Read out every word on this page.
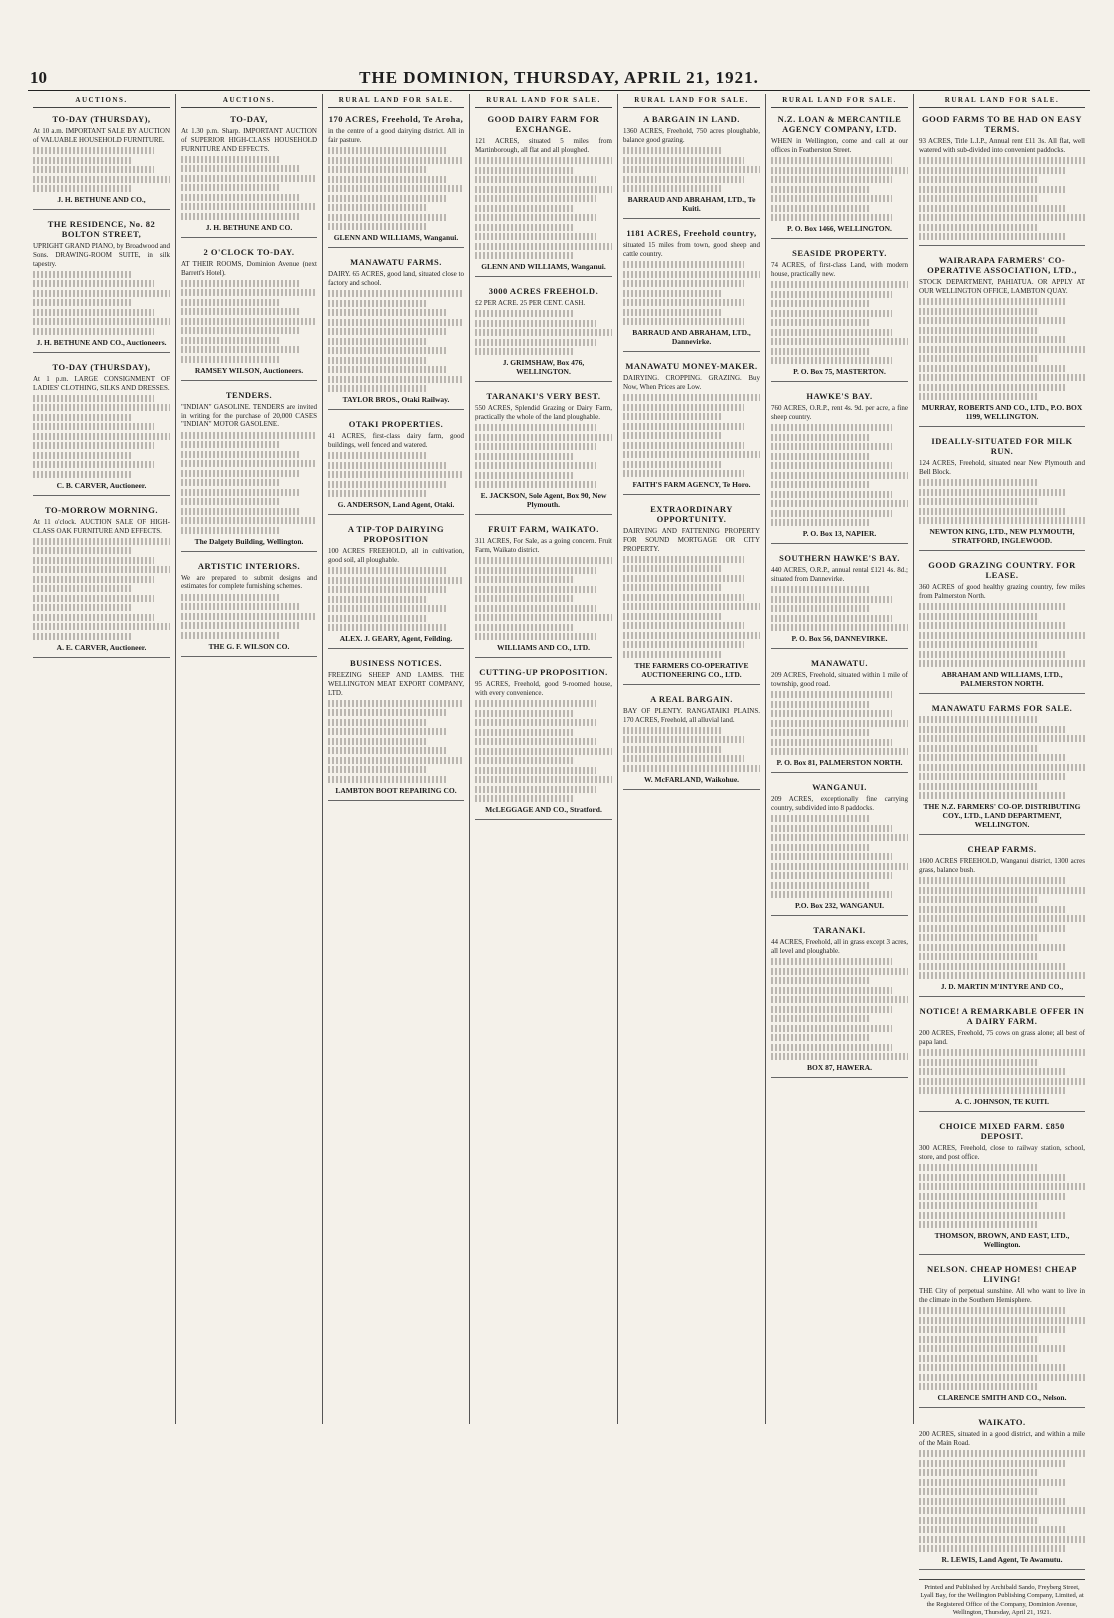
10	THE DOMINION, THURSDAY, APRIL 21, 1921.
AUCTIONS.
TO-DAY (THURSDAY),

At 10 a.m. IMPORTANT SALE BY AUCTION of VALUABLE HOUSEHOLD FURNITURE.

J. H. BETHUNE AND CO.,
THE RESIDENCE, No. 82 BOLTON STREET,

UPRIGHT GRAND PIANO, by Broadwood and Sons. DRAWING-ROOM SUITE, in silk tapestry.

J. H. BETHUNE AND CO., Auctioneers.
TO-DAY (THURSDAY),

At 1 p.m. LARGE CONSIGNMENT OF LADIES' CLOTHING, SILKS AND DRESSES.

C. B. CARVER, Auctioneer.
TO-MORROW MORNING.

At 11 o'clock. AUCTION SALE OF HIGH-CLASS OAK FURNITURE AND EFFECTS.

A. E. CARVER, Auctioneer.
AUCTIONS.
TO-DAY,

At 1.30 p.m. Sharp. IMPORTANT AUCTION of SUPERIOR HIGH-CLASS HOUSEHOLD FURNITURE AND EFFECTS.

J. H. BETHUNE AND CO.
2 O'CLOCK TO-DAY.

AT THEIR ROOMS, Dominion Avenue (next Barrett's Hotel).

RAMSEY WILSON, Auctioneers.
TENDERS.

"INDIAN" GASOLINE. TENDERS are invited in writing for the purchase of 20,000 CASES "INDIAN" MOTOR GASOLENE.

The Dalgety Building, Wellington.
ARTISTIC INTERIORS.

We are prepared to submit designs and estimates for complete furnishing schemes.

THE G. F. WILSON CO.
RURAL LAND FOR SALE.
170 ACRES, Freehold, Te Aroha,

in the centre of a good dairying district. All in fair pasture.

GLENN AND WILLIAMS, Wanganui.
MANAWATU FARMS.

DAIRY. 65 ACRES, good land, situated close to factory and school.

TAYLOR BROS., Otaki Railway.
OTAKI PROPERTIES.

41 ACRES, first-class dairy farm, good buildings, well fenced and watered.

G. ANDERSON, Land Agent, Otaki.
A TIP-TOP DAIRYING PROPOSITION

100 ACRES FREEHOLD, all in cultivation, good soil, all ploughable.

ALEX. J. GEARY, Agent, Feilding.
BUSINESS NOTICES.

FREEZING SHEEP AND LAMBS. THE WELLINGTON MEAT EXPORT COMPANY, LTD.

LAMBTON BOOT REPAIRING CO.
RURAL LAND FOR SALE.
GOOD DAIRY FARM FOR EXCHANGE.

121 ACRES, situated 5 miles from Martinborough, all flat and all ploughed.

GLENN AND WILLIAMS, Wanganui.
3000 ACRES FREEHOLD.

£2 PER ACRE. 25 PER CENT. CASH.

J. GRIMSHAW, Box 476, WELLINGTON.
TARANAKI'S VERY BEST.

550 ACRES, Splendid Grazing or Dairy Farm, practically the whole of the land ploughable.

E. JACKSON, Sole Agent, Box 90, New Plymouth.
FRUIT FARM, WAIKATO.

311 ACRES, For Sale, as a going concern. Fruit Farm, Waikato district.

WILLIAMS AND CO., LTD.
CUTTING-UP PROPOSITION.

95 ACRES, Freehold, good 9-roomed house, with every convenience.

McLEGGAGE AND CO., Stratford.
RURAL LAND FOR SALE.
A BARGAIN IN LAND.

1360 ACRES, Freehold, 750 acres ploughable, balance good grazing.

BARRAUD AND ABRAHAM, LTD., Te Kuiti.
1181 ACRES, Freehold country,

situated 15 miles from town, good sheep and cattle country.

BARRAUD AND ABRAHAM, LTD., Dannevirke.
MANAWATU MONEY-MAKER.

DAIRYING. CROPPING. GRAZING. Buy Now, When Prices are Low.

FAITH'S FARM AGENCY, Te Horo.
EXTRAORDINARY OPPORTUNITY.

DAIRYING AND FATTENING PROPERTY FOR SOUND MORTGAGE OR CITY PROPERTY.

THE FARMERS CO-OPERATIVE AUCTIONEERING CO., LTD.
A REAL BARGAIN.

BAY OF PLENTY. RANGATAIKI PLAINS. 170 ACRES, Freehold, all alluvial land.

W. McFARLAND, Waikohue.
RURAL LAND FOR SALE.
N.Z. LOAN & MERCANTILE AGENCY COMPANY, LTD.

WHEN in Wellington, come and call at our offices in Featherston Street.

P. O. Box 1466, WELLINGTON.
SEASIDE PROPERTY.

74 ACRES, of first-class Land, with modern house, practically new.

P. O. Box 75, MASTERTON.
HAWKE'S BAY.

760 ACRES, O.R.P., rent 4s. 9d. per acre, a fine sheep country.

P. O. Box 13, NAPIER.
SOUTHERN HAWKE'S BAY.

440 ACRES, O.R.P., annual rental £121 4s. 8d.; situated from Dannevirke.

P. O. Box 56, DANNEVIRKE.
MANAWATU.

209 ACRES, Freehold, situated within 1 mile of township, good road.

P. O. Box 81, PALMERSTON NORTH.
WANGANUI.

209 ACRES, exceptionally fine carrying country, subdivided into 8 paddocks.

P.O. Box 232, WANGANUI.
TARANAKI.

44 ACRES, Freehold, all in grass except 3 acres, all level and ploughable.

BOX 87, HAWERA.
RURAL LAND FOR SALE.
GOOD FARMS TO BE HAD ON EASY TERMS.

93 ACRES, Title L.I.P., Annual rent £11 3s. All flat, well watered with sub-divided into convenient paddocks.

WAIRARAPA FARMERS' CO-OPERATIVE ASSOCIATION, LTD.,

STOCK DEPARTMENT, PAHIATUA. OR APPLY AT OUR WELLINGTON OFFICE, LAMBTON QUAY.

MURRAY, ROBERTS AND CO., LTD., P.O. BOX 1199, WELLINGTON.
IDEALLY-SITUATED FOR MILK RUN.

124 ACRES, Freehold, situated near New Plymouth and Bell Block.

NEWTON KING, LTD., NEW PLYMOUTH, STRATFORD, INGLEWOOD.
GOOD GRAZING COUNTRY. FOR LEASE.

360 ACRES of good healthy grazing country, few miles from Palmerston North.

ABRAHAM AND WILLIAMS, LTD., PALMERSTON NORTH.
MANAWATU FARMS FOR SALE.
THE N.Z. FARMERS' CO-OP. DISTRIBUTING COY., LTD., LAND DEPARTMENT, WELLINGTON.
CHEAP FARMS.

1600 ACRES FREEHOLD, Wanganui district, 1300 acres grass, balance bush.

J. D. MARTIN M'INTYRE AND CO.,
NOTICE! A REMARKABLE OFFER IN A DAIRY FARM.

200 ACRES, Freehold, 75 cows on grass alone; all best of papa land.

A. C. JOHNSON, TE KUITI.
CHOICE MIXED FARM. £850 DEPOSIT.

300 ACRES, Freehold, close to railway station, school, store, and post office.

THOMSON, BROWN, AND EAST, LTD., Wellington.
NELSON. CHEAP HOMES! CHEAP LIVING!

THE City of perpetual sunshine. All who want to live in the climate in the Southern Hemisphere.

CLARENCE SMITH AND CO., Nelson.
WAIKATO.

200 ACRES, situated in a good district, and within a mile of the Main Road.

R. LEWIS, Land Agent, Te Awamutu.
Printed and Published by Archibald Sando, Freyberg Street, Lyall Bay, for the Wellington Publishing Company, Limited, at the Registered Office of the Company, Dominion Avenue, Wellington, Thursday, April 21, 1921.
